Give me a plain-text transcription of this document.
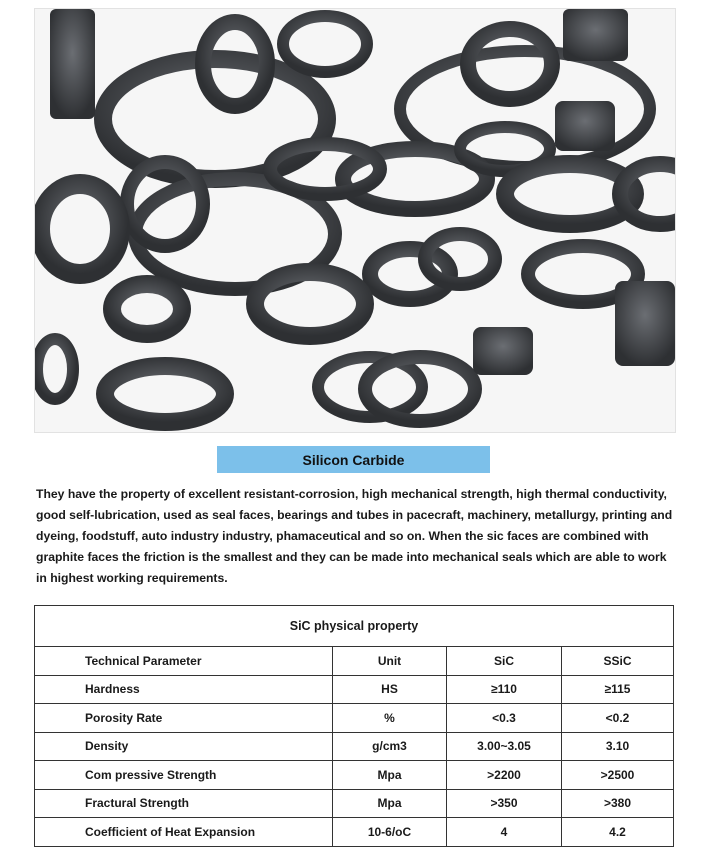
Silicon Carbide

They have the property of excellent resistant-corrosion, high mechanical strength, high thermal conductivity, good self-lubrication, used as seal faces, bearings and tubes in pacecraft, machinery, metallurgy, printing and dyeing, foodstuff, auto industry industry, phamaceutical and so on. When the sic faces are combined with graphite faces the friction is the smallest and they can be made into mechanical seals which are able to work in highest working requirements.

SiC physical property			
Technical Parameter	Unit	SiC	SSiC
Hardness	HS	≥110	≥115
Porosity Rate	%	<0.3	<0.2
Density	g/cm3	3.00~3.05	3.10
Com pressive Strength	Mpa	>2200	>2500
Fractural Strength	Mpa	>350	>380
Coefficient of Heat Expansion	10-6/oC	4	4.2
